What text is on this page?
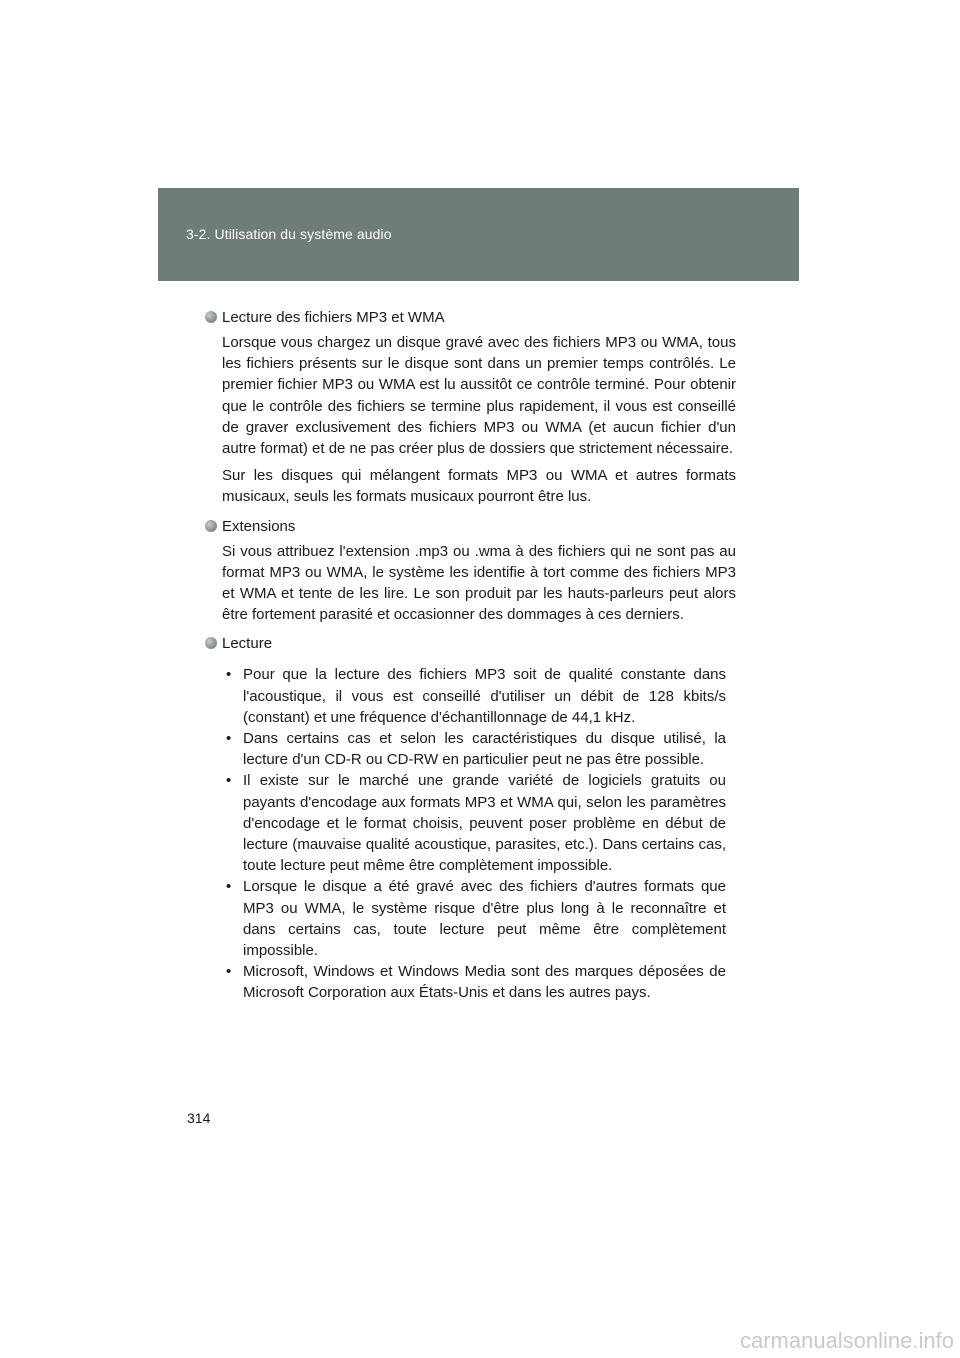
3-2. Utilisation du système audio
Lecture des fichiers MP3 et WMA

Lorsque vous chargez un disque gravé avec des fichiers MP3 ou WMA, tous les fichiers présents sur le disque sont dans un premier temps contrôlés. Le premier fichier MP3 ou WMA est lu aussitôt ce contrôle terminé. Pour obtenir que le contrôle des fichiers se termine plus rapidement, il vous est conseillé de graver exclusivement des fichiers MP3 ou WMA (et aucun fichier d'un autre format) et de ne pas créer plus de dossiers que strictement nécessaire.

Sur les disques qui mélangent formats MP3 ou WMA et autres formats musicaux, seuls les formats musicaux pourront être lus.

Extensions

Si vous attribuez l'extension .mp3 ou .wma à des fichiers qui ne sont pas au format MP3 ou WMA, le système les identifie à tort comme des fichiers MP3 et WMA et tente de les lire. Le son produit par les hauts-parleurs peut alors être fortement parasité et occasionner des dommages à ces derniers.

Lecture
• Pour que la lecture des fichiers MP3 soit de qualité constante dans l'acoustique, il vous est conseillé d'utiliser un débit de 128 kbits/s (constant) et une fréquence d'échantillonnage de 44,1 kHz.
• Dans certains cas et selon les caractéristiques du disque utilisé, la lecture d'un CD-R ou CD-RW en particulier peut ne pas être possible.
• Il existe sur le marché une grande variété de logiciels gratuits ou payants d'encodage aux formats MP3 et WMA qui, selon les paramètres d'encodage et le format choisis, peuvent poser problème en début de lecture (mauvaise qualité acoustique, parasites, etc.). Dans certains cas, toute lecture peut même être complètement impossible.
• Lorsque le disque a été gravé avec des fichiers d'autres formats que MP3 ou WMA, le système risque d'être plus long à le reconnaître et dans certains cas, toute lecture peut même être complètement impossible.
• Microsoft, Windows et Windows Media sont des marques déposées de Microsoft Corporation aux États-Unis et dans les autres pays.
314
carmanualsonline.info
